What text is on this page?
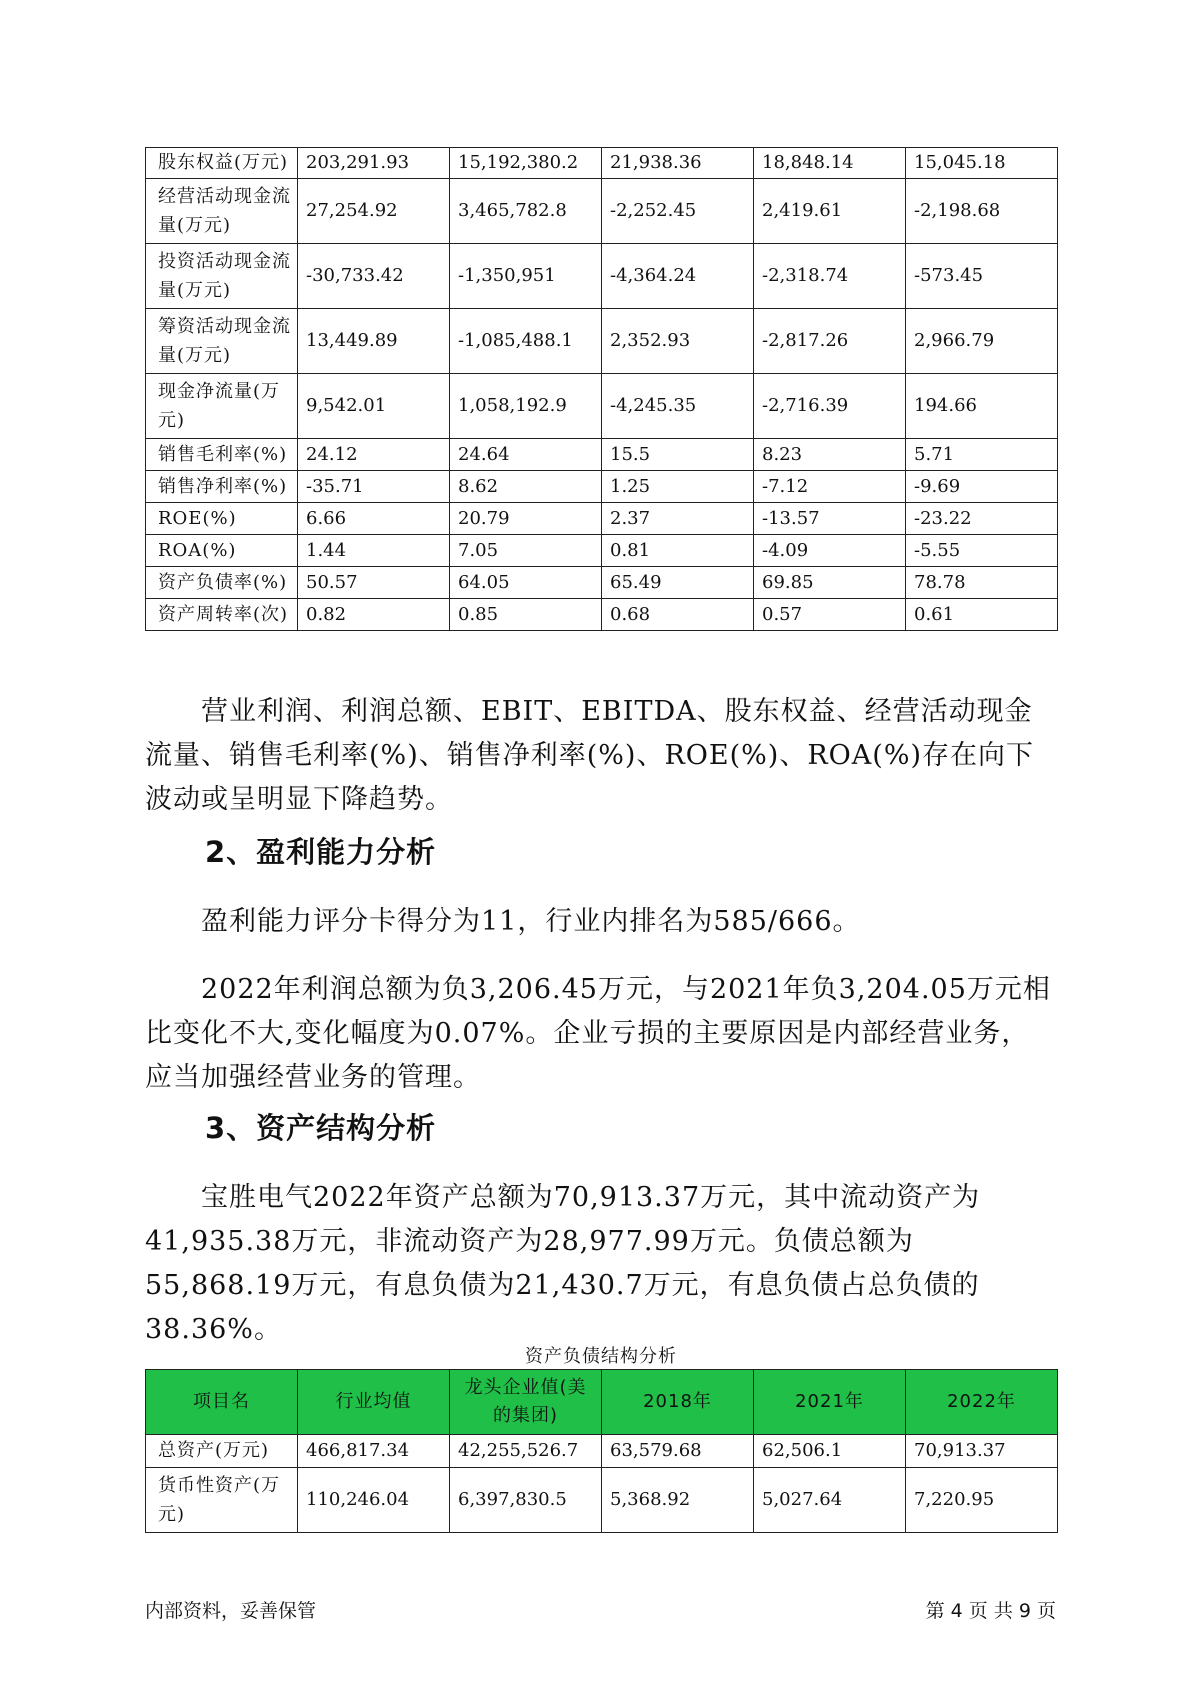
股东权益(万元)	203,291.93	15,192,380.2	21,938.36	18,848.14	15,045.18
经营活动现金流量(万元)	27,254.92	3,465,782.8	-2,252.45	2,419.61	-2,198.68
投资活动现金流量(万元)	-30,733.42	-1,350,951	-4,364.24	-2,318.74	-573.45
筹资活动现金流量(万元)	13,449.89	-1,085,488.1	2,352.93	-2,817.26	2,966.79
现金净流量(万元)	9,542.01	1,058,192.9	-4,245.35	-2,716.39	194.66
销售毛利率(%)	24.12	24.64	15.5	8.23	5.71
销售净利率(%)	-35.71	8.62	1.25	-7.12	-9.69
ROE(%)	6.66	20.79	2.37	-13.57	-23.22
ROA(%)	1.44	7.05	0.81	-4.09	-5.55
资产负债率(%)	50.57	64.05	65.49	69.85	78.78
资产周转率(次)	0.82	0.85	0.68	0.57	0.61

营业利润、利润总额、EBIT、EBITDA、股东权益、经营活动现金流量、销售毛利率(%)、销售净利率(%)、ROE(%)、ROA(%)存在向下波动或呈明显下降趋势。

2、盈利能力分析

盈利能力评分卡得分为11，行业内排名为585/666。

2022年利润总额为负3,206.45万元，与2021年负3,204.05万元相比变化不大,变化幅度为0.07%。企业亏损的主要原因是内部经营业务，应当加强经营业务的管理。

3、资产结构分析

宝胜电气2022年资产总额为70,913.37万元，其中流动资产为41,935.38万元，非流动资产为28,977.99万元。负债总额为55,868.19万元，有息负债为21,430.7万元，有息负债占总负债的38.36%。

资产负债结构分析
项目名	行业均值	龙头企业值(美的集团)	2018年	2021年	2022年
总资产(万元)	466,817.34	42,255,526.7	63,579.68	62,506.1	70,913.37
货币性资产(万元)	110,246.04	6,397,830.5	5,368.92	5,027.64	7,220.95
内部资料，妥善保管	第 4 页 共 9 页
